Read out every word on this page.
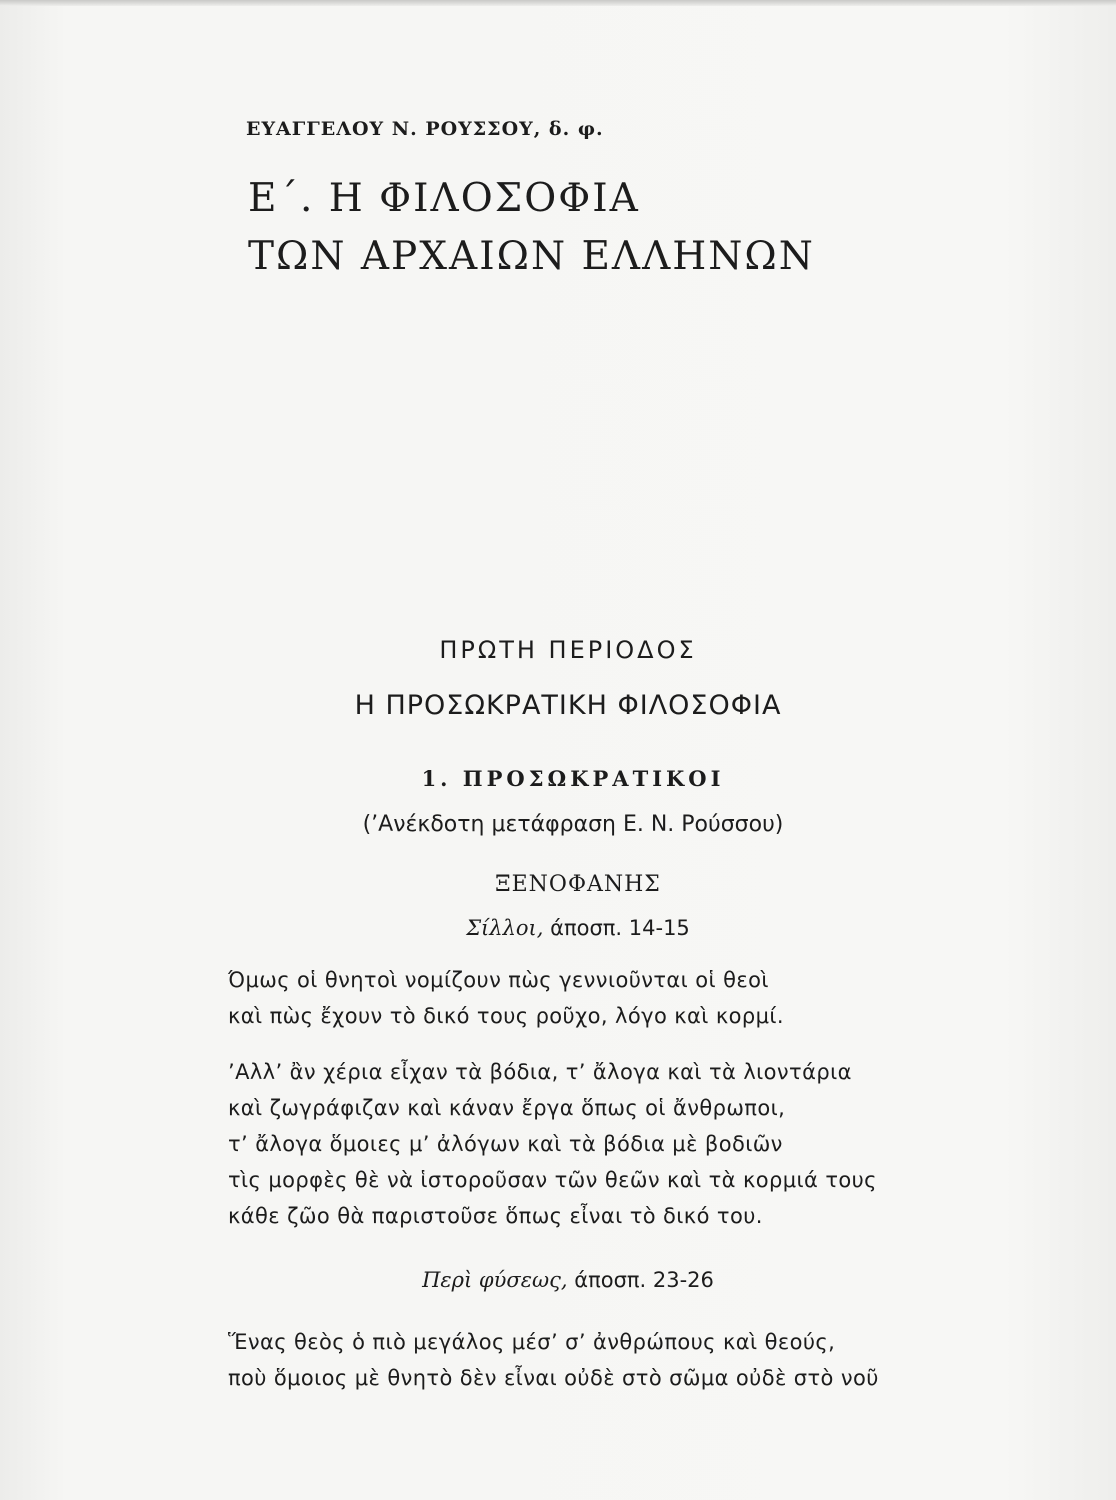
ΕΥΑΓΓΕΛΟΥ Ν. ΡΟΥΣΣΟΥ, δ. φ.
Ε΄. Η ΦΙΛΟΣΟΦΙΑ
ΤΩΝ ΑΡΧΑΙΩΝ ΕΛΛΗΝΩΝ
ΠΡΩΤΗ ΠΕΡΙΟΔΟΣ
Η ΠΡΟΣΩΚΡΑΤΙΚΗ ΦΙΛΟΣΟΦΙΑ
1. ΠΡΟΣΩΚΡΑΤΙΚΟΙ

(’Ανέκδοτη μετάφραση Ε. Ν. Ρούσσου)

ΞΕΝΟΦΑΝΗΣ

Σίλλοι, άποσπ. 14-15

Όμως οἱ θνητοὶ νομίζουν πὼς γεννιοῦνται οἱ θεοὶ
καὶ πὼς ἔχουν τὸ δικό τους ροῦχο, λόγο καὶ κορμί.
’Αλλ’ ἂν χέρια εἶχαν τὰ βόδια, τ’ ἄλογα καὶ τὰ λιοντάρια
καὶ ζωγράφιζαν καὶ κάναν ἔργα ὅπως οἱ ἄνθρωποι,
τ’ ἄλογα ὅμοιες μ’ ἀλόγων καὶ τὰ βόδια μὲ βοδιῶν
τὶς μορφὲς θὲ νὰ ἱστοροῦσαν τῶν θεῶν καὶ τὰ κορμιά τους
κάθε ζῶο θὰ παριστοῦσε ὅπως εἶναι τὸ δικό του.

Περὶ φύσεως, άποσπ. 23-26

Ἕνας θεὸς ὁ πιὸ μεγάλος μέσ’ σ’ ἀνθρώπους καὶ θεούς,
ποὺ ὅμοιος μὲ θνητὸ δὲν εἶναι οὐδὲ στὸ σῶμα οὐδὲ στὸ νοῦ
